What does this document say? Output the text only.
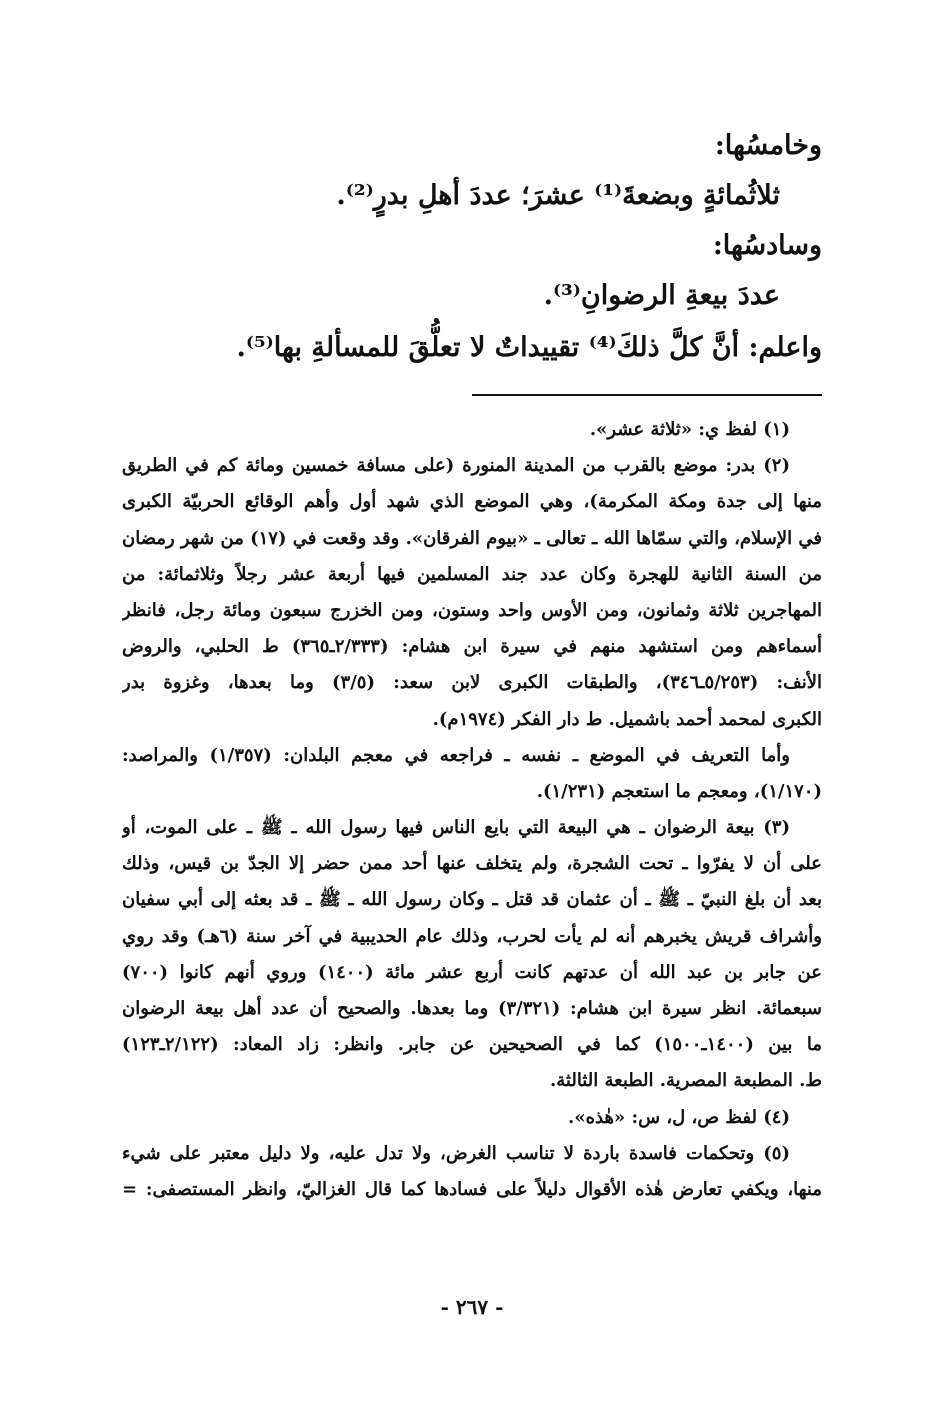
وخامسُها:

ثلاثُمائةٍ وبضعةَ⁽¹⁾ عشرَ؛ عددَ أهلِ بدرٍ⁽²⁾.

وسادسُها:

عددَ بيعةِ الرضوانِ⁽³⁾.

واعلم: أنَّ كلَّ ذلكَ⁽⁴⁾ تقييداتٌ لا تعلُّقَ للمسألةِ بها⁽⁵⁾.

(١) لفظ ي: «ثلاثة عشر».

(٢) بدر: موضع بالقرب من المدينة المنورة (على مسافة خمسين ومائة كم في الطريق

منها إلى جدة ومكة المكرمة)، وهي الموضع الذي شهد أول وأهم الوقائع الحربيّة الكبرى

في الإسلام، والتي سمّاها الله ـ تعالى ـ «بيوم الفرقان». وقد وقعت في (١٧) من شهر رمضان

من السنة الثانية للهجرة وكان عدد جند المسلمين فيها أربعة عشر رجلاً وثلاثمائة: من

المهاجرين ثلاثة وثمانون، ومن الأوس واحد وستون، ومن الخزرج سبعون ومائة رجل، فانظر

أسماءهم ومن استشهد منهم في سيرة ابن هشام: (٢/٣٣٣ـ٣٦٥) ط الحلبي، والروض

الأنف: (٥/٢٥٣ـ٣٤٦)، والطبقات الكبرى لابن سعد: (٣/٥) وما بعدها، وغزوة بدر

الكبرى لمحمد أحمد باشميل. ط دار الفكر (١٩٧٤م).

وأما التعريف في الموضع ـ نفسه ـ فراجعه في معجم البلدان: (١/٣٥٧) والمراصد:

(١/١٧٠)، ومعجم ما استعجم (١/٢٣١).

(٣) بيعة الرضوان ـ هي البيعة التي بايع الناس فيها رسول الله ـ ﷺ ـ على الموت، أو

على أن لا يفرّوا ـ تحت الشجرة، ولم يتخلف عنها أحد ممن حضر إلا الجدّ بن قيس، وذلك

بعد أن بلغ النبيّ ـ ﷺ ـ أن عثمان قد قتل ـ وكان رسول الله ـ ﷺ ـ قد بعثه إلى أبي سفيان

وأشراف قريش يخبرهم أنه لم يأت لحرب، وذلك عام الحديبية في آخر سنة (٦هـ) وقد روي

عن جابر بن عبد الله أن عدتهم كانت أربع عشر مائة (١٤٠٠) وروي أنهم كانوا (٧٠٠)

سبعمائة. انظر سيرة ابن هشام: (٣/٣٢١) وما بعدها. والصحيح أن عدد أهل بيعة الرضوان

ما بين (١٤٠٠ـ١٥٠٠) كما في الصحيحين عن جابر. وانظر: زاد المعاد: (٢/١٢٢ـ١٢٣)

ط. المطبعة المصرية. الطبعة الثالثة.

(٤) لفظ ص، ل، س: «هٰذه».

(٥) وتحكمات فاسدة باردة لا تناسب الغرض، ولا تدل عليه، ولا دليل معتبر على شيء

منها، ويكفي تعارض هٰذه الأقوال دليلاً على فسادها كما قال الغزاليّ، وانظر المستصفى: =

- ٢٦٧ -
